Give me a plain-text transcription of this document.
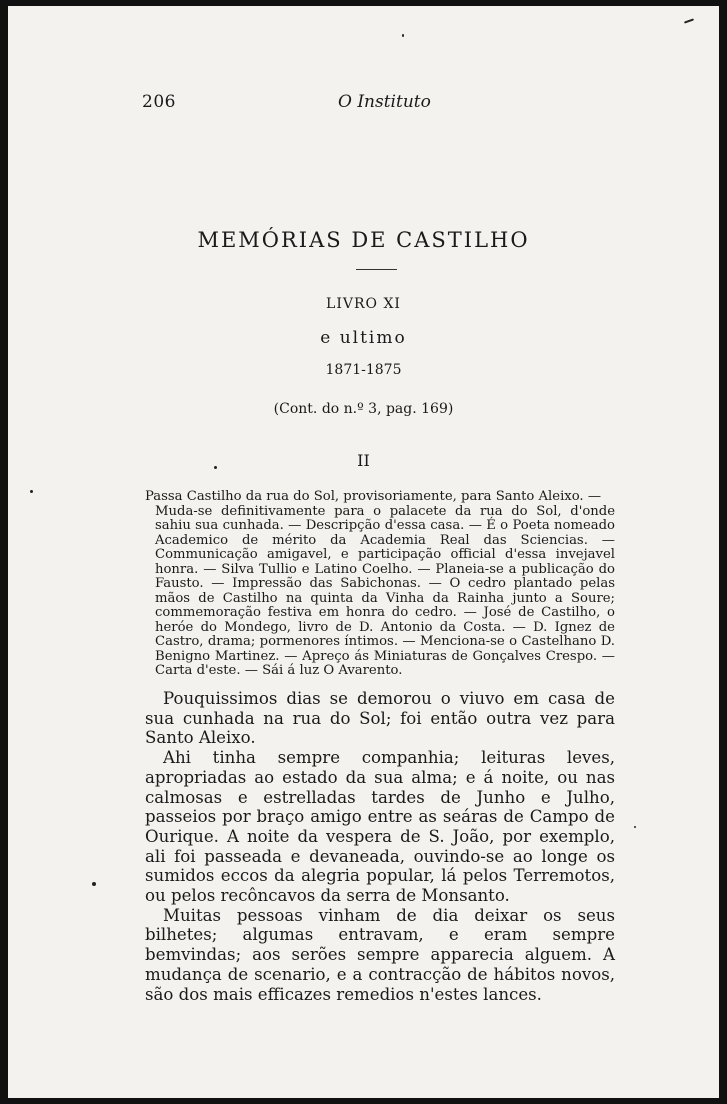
206	O Instituto
MEMÓRIAS DE CASTILHO
LIVRO XI
e ultimo
1871-1875
(Cont. do n.º 3, pag. 169)
II
Passa Castilho da rua do Sol, provisoriamente, para Santo Aleixo. —
Muda-se definitivamente para o palacete da rua do Sol, d'onde sahiu sua cunhada. — Descripção d'essa casa. — É o Poeta nomeado Academico de mérito da Academia Real das Sciencias. — Communicação amigavel, e participação official d'essa invejavel honra. — Silva Tullio e Latino Coelho. — Planeia-se a publicação do Fausto. — Impressão das Sabichonas. — O cedro plantado pelas mãos de Castilho na quinta da Vinha da Rainha junto a Soure; commemoração festiva em honra do cedro. — José de Castilho, o heróe do Mondego, livro de D. Antonio da Costa. — D. Ignez de Castro, drama; pormenores íntimos. — Menciona-se o Castelhano D. Benigno Martinez. — Apreço ás Miniaturas de Gonçalves Crespo. — Carta d'este. — Sái á luz O Avarento.

Pouquissimos dias se demorou o viuvo em casa de sua cunhada na rua do Sol; foi então outra vez para Santo Aleixo.

Ahi tinha sempre companhia; leituras leves, apropriadas ao estado da sua alma; e á noite, ou nas calmosas e estrelladas tardes de Junho e Julho, passeios por braço amigo entre as seáras de Campo de Ourique. A noite da vespera de S. João, por exemplo, ali foi passeada e devaneada, ouvindo-se ao longe os sumidos eccos da alegria popular, lá pelos Terremotos, ou pelos recôncavos da serra de Monsanto.

Muitas pessoas vinham de dia deixar os seus bilhetes; algumas entravam, e eram sempre bemvindas; aos serões sempre apparecia alguem. A mudança de scenario, e a contracção de hábitos novos, são dos mais efficazes remedios n'estes lances.
